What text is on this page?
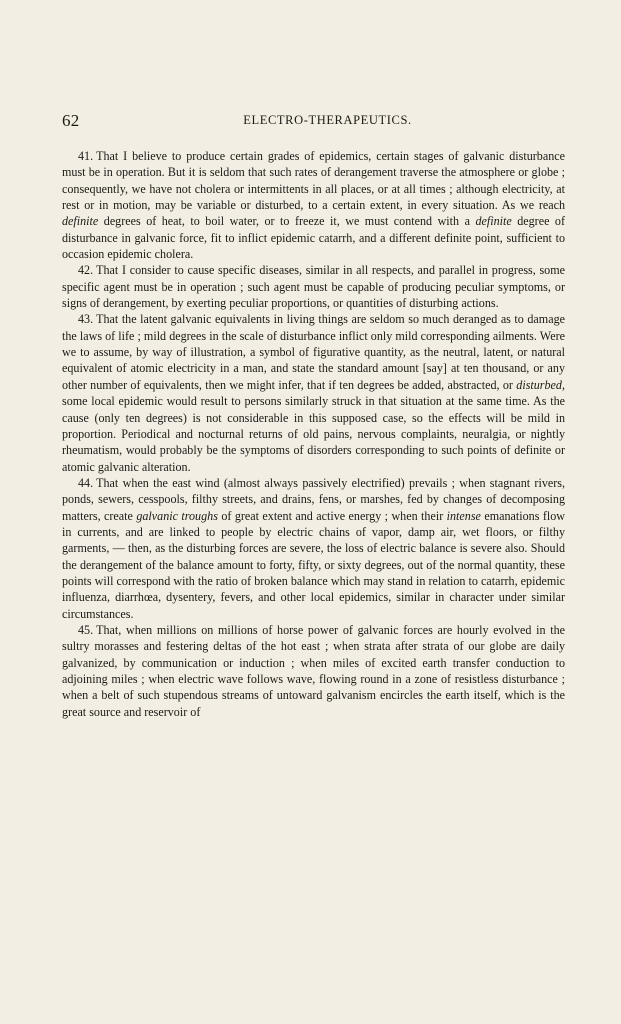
62	ELECTRO-THERAPEUTICS.

41. That I believe to produce certain grades of epidemics, certain stages of galvanic disturbance must be in operation. But it is seldom that such rates of derangement traverse the atmosphere or globe ; consequently, we have not cholera or intermittents in all places, or at all times ; although electricity, at rest or in motion, may be variable or disturbed, to a certain extent, in every situation. As we reach definite degrees of heat, to boil water, or to freeze it, we must contend with a definite degree of disturbance in galvanic force, fit to inflict epidemic catarrh, and a different definite point, sufficient to occasion epidemic cholera.

42. That I consider to cause specific diseases, similar in all respects, and parallel in progress, some specific agent must be in operation ; such agent must be capable of producing peculiar symptoms, or signs of derangement, by exerting peculiar proportions, or quantities of disturbing actions.

43. That the latent galvanic equivalents in living things are seldom so much deranged as to damage the laws of life ; mild degrees in the scale of disturbance inflict only mild corresponding ailments. Were we to assume, by way of illustration, a symbol of figurative quantity, as the neutral, latent, or natural equivalent of atomic electricity in a man, and state the standard amount [say] at ten thousand, or any other number of equivalents, then we might infer, that if ten degrees be added, abstracted, or disturbed, some local epidemic would result to persons similarly struck in that situation at the same time. As the cause (only ten degrees) is not considerable in this supposed case, so the effects will be mild in proportion. Periodical and nocturnal returns of old pains, nervous complaints, neuralgia, or nightly rheumatism, would probably be the symptoms of disorders corresponding to such points of definite or atomic galvanic alteration.

44. That when the east wind (almost always passively electrified) prevails ; when stagnant rivers, ponds, sewers, cesspools, filthy streets, and drains, fens, or marshes, fed by changes of decomposing matters, create galvanic troughs of great extent and active energy ; when their intense emanations flow in currents, and are linked to people by electric chains of vapor, damp air, wet floors, or filthy garments, — then, as the disturbing forces are severe, the loss of electric balance is severe also. Should the derangement of the balance amount to forty, fifty, or sixty degrees, out of the normal quantity, these points will correspond with the ratio of broken balance which may stand in relation to catarrh, epidemic influenza, diarrhœa, dysentery, fevers, and other local epidemics, similar in character under similar circumstances.

45. That, when millions on millions of horse power of galvanic forces are hourly evolved in the sultry morasses and festering deltas of the hot east ; when strata after strata of our globe are daily galvanized, by communication or induction ; when miles of excited earth transfer conduction to adjoining miles ; when electric wave follows wave, flowing round in a zone of resistless disturbance ; when a belt of such stupendous streams of untoward galvanism encircles the earth itself, which is the great source and reservoir of
